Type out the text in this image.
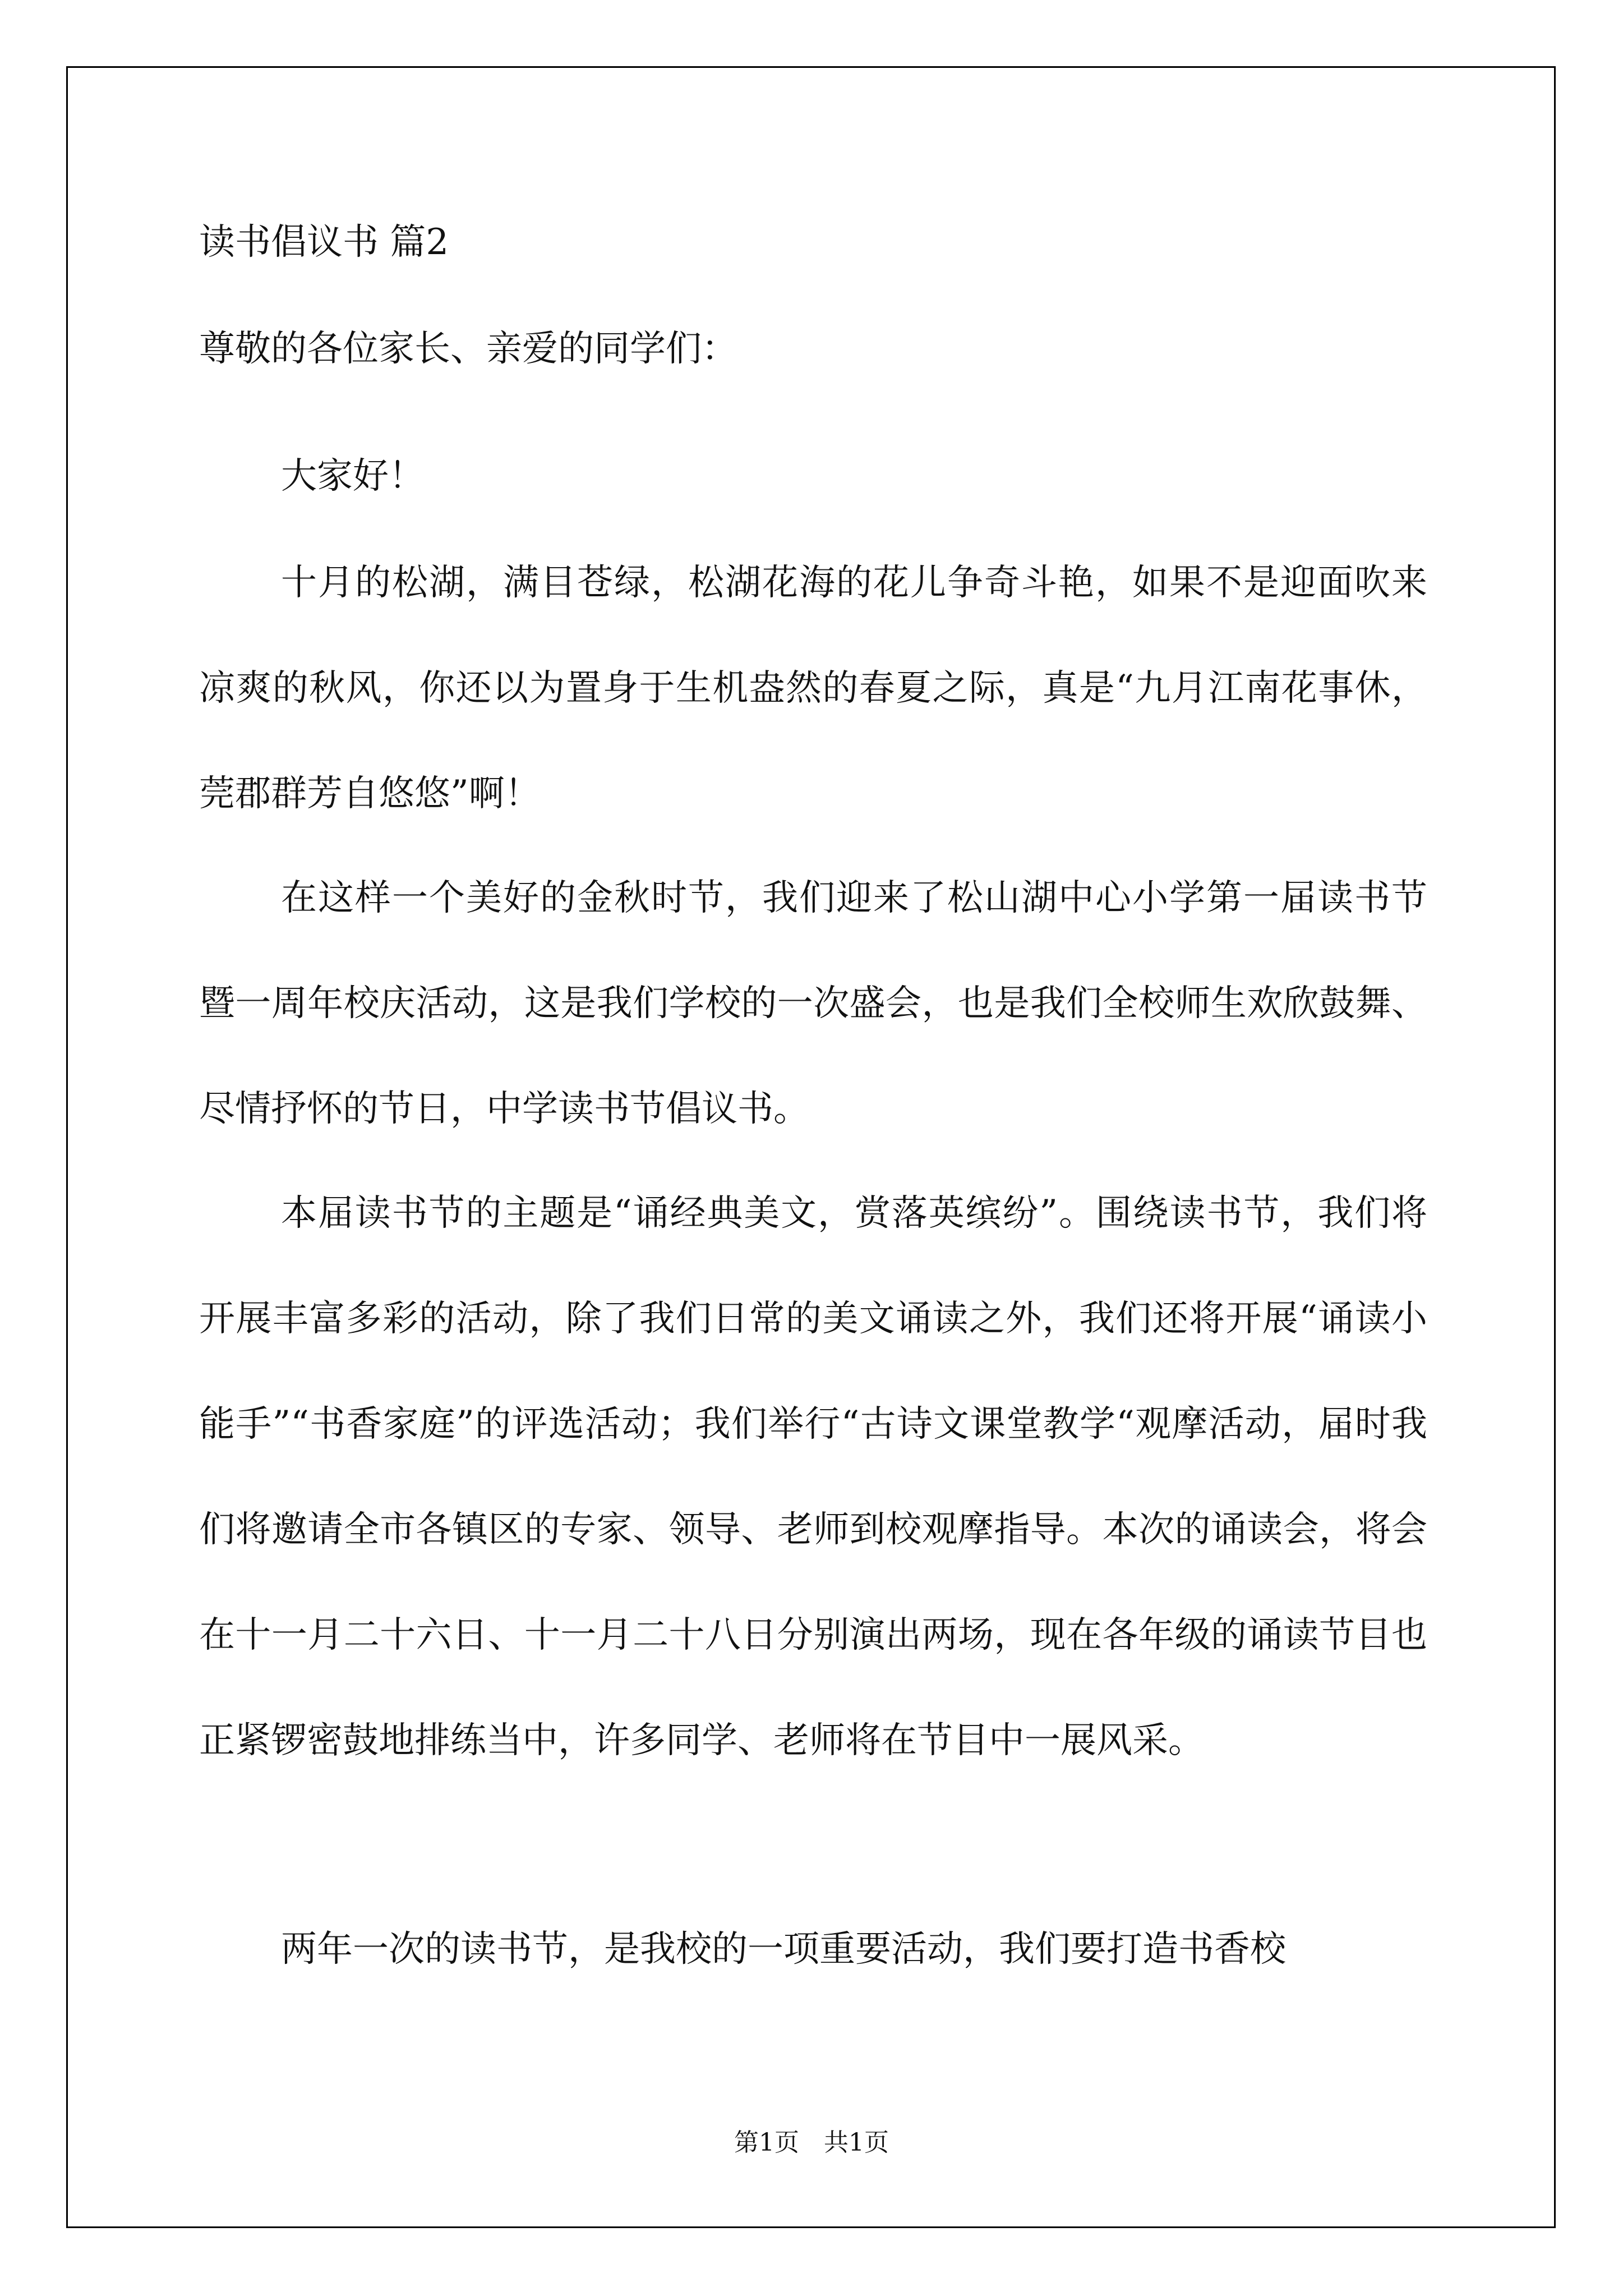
读书倡议书 篇2
尊敬的各位家长、亲爱的同学们：

大家好！

十月的松湖，满目苍绿，松湖花海的花儿争奇斗艳，如果不是迎面吹来凉爽的秋风，你还以为置身于生机盎然的春夏之际，真是“九月江南花事休，莞郡群芳自悠悠”啊！

在这样一个美好的金秋时节，我们迎来了松山湖中心小学第一届读书节暨一周年校庆活动，这是我们学校的一次盛会，也是我们全校师生欢欣鼓舞、尽情抒怀的节日，中学读书节倡议书。

本届读书节的主题是“诵经典美文，赏落英缤纷”。围绕读书节，我们将开展丰富多彩的活动，除了我们日常的美文诵读之外，我们还将开展“诵读小能手”“书香家庭”的评选活动；我们举行“古诗文课堂教学“观摩活动，届时我们将邀请全市各镇区的专家、领导、老师到校观摩指导。本次的诵读会，将会在十一月二十六日、十一月二十八日分别演出两场，现在各年级的诵读节目也正紧锣密鼓地排练当中，许多同学、老师将在节目中一展风采。

两年一次的读书节，是我校的一项重要活动，我们要打造书香校

第1页　共1页
